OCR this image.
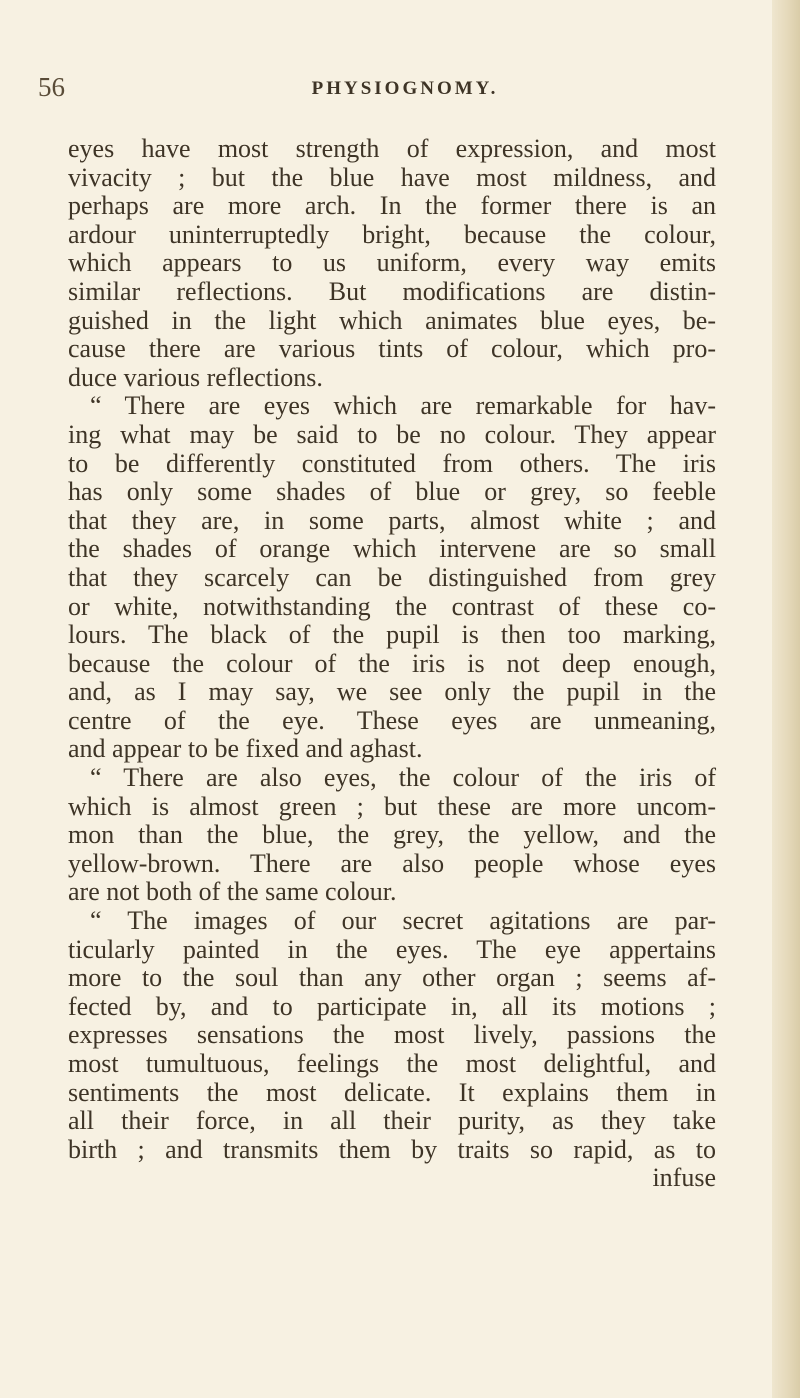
56	PHYSIOGNOMY.
eyes have most strength of expression, and most
vivacity ; but the blue have most mildness, and
perhaps are more arch. In the former there is an
ardour uninterruptedly bright, because the colour,
which appears to us uniform, every way emits
similar reflections. But modifications are distin-
guished in the light which animates blue eyes, be-
cause there are various tints of colour, which pro-
duce various reflections.
“ There are eyes which are remarkable for hav-
ing what may be said to be no colour. They appear
to be differently constituted from others. The iris
has only some shades of blue or grey, so feeble
that they are, in some parts, almost white ; and
the shades of orange which intervene are so small
that they scarcely can be distinguished from grey
or white, notwithstanding the contrast of these co-
lours. The black of the pupil is then too marking,
because the colour of the iris is not deep enough,
and, as I may say, we see only the pupil in the
centre of the eye. These eyes are unmeaning,
and appear to be fixed and aghast.
“ There are also eyes, the colour of the iris of
which is almost green ; but these are more uncom-
mon than the blue, the grey, the yellow, and the
yellow-brown. There are also people whose eyes
are not both of the same colour.
“ The images of our secret agitations are par-
ticularly painted in the eyes. The eye appertains
more to the soul than any other organ ; seems af-
fected by, and to participate in, all its motions ;
expresses sensations the most lively, passions the
most tumultuous, feelings the most delightful, and
sentiments the most delicate. It explains them in
all their force, in all their purity, as they take
birth ; and transmits them by traits so rapid, as to
infuse
